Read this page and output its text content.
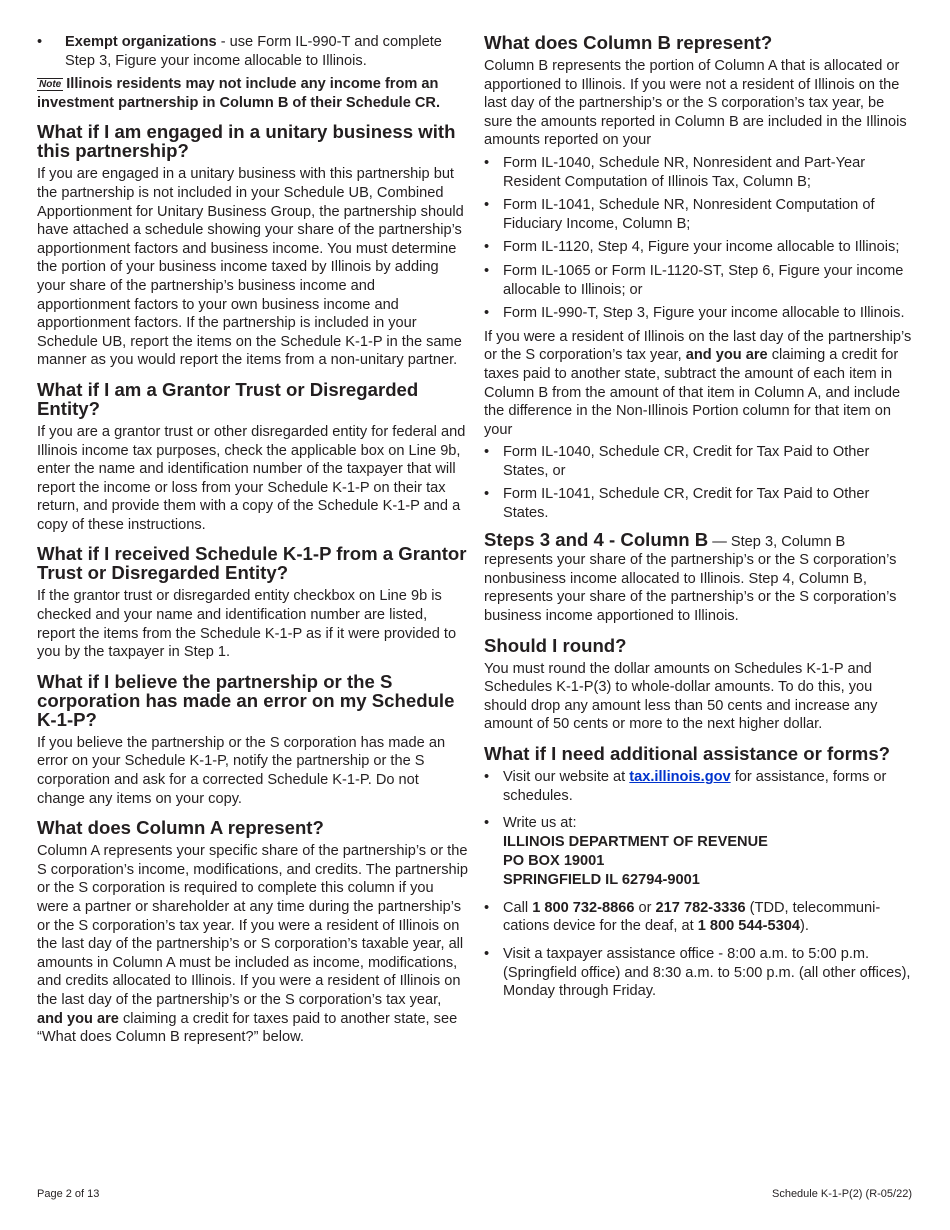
• Exempt organizations - use Form IL-990-T and complete Step 3, Figure your income allocable to Illinois.

Note Illinois residents may not include any income from an investment partnership in Column B of their Schedule CR.

What if I am engaged in a unitary business with this partnership?

If you are engaged in a unitary business with this partnership but the partnership is not included in your Schedule UB, Combined Apportionment for Unitary Business Group, the partnership should have attached a schedule showing your share of the partnership’s apportionment factors and business income. You must determine the portion of your business income taxed by Illinois by adding your share of the partnership’s business income and apportionment factors to your own business income and apportionment factors. If the partnership is included in your Schedule UB, report the items on the Schedule K-1-P in the same manner as you would report the items from a non-unitary partner.

What if I am a Grantor Trust or Disregarded Entity?

If you are a grantor trust or other disregarded entity for federal and Illinois income tax purposes, check the applicable box on Line 9b, enter the name and identification number of the taxpayer that will report the income or loss from your Schedule K-1-P on their tax return, and provide them with a copy of the Schedule K-1-P and a copy of these instructions.

What if I received Schedule K-1-P from a Grantor Trust or Disregarded Entity?

If the grantor trust or disregarded entity checkbox on Line 9b is checked and your name and identification number are listed, report the items from the Schedule K-1-P as if it were provided to you by the taxpayer in Step 1.

What if I believe the partnership or the S corporation has made an error on my Schedule K-1-P?

If you believe the partnership or the S corporation has made an error on your Schedule K-1-P, notify the partnership or the S corporation and ask for a corrected Schedule K-1-P. Do not change any items on your copy.

What does Column A represent?

Column A represents your specific share of the partnership’s or the S corporation’s income, modifications, and credits. The partnership or the S corporation is required to complete this column if you were a partner or shareholder at any time during the partnership’s or the S corporation’s tax year. If you were a resident of Illinois on the last day of the partnership’s or S corporation’s taxable year, all amounts in Column A must be included as income, modifications, and credits allocated to Illinois. If you were a resident of Illinois on the last day of the partnership’s or the S corporation’s tax year, and you are claiming a credit for taxes paid to another state, see “What does Column B represent?” below.

What does Column B represent?

Column B represents the portion of Column A that is allocated or apportioned to Illinois. If you were not a resident of Illinois on the last day of the partnership’s or the S corporation’s tax year, be sure the amounts reported in Column B are included in the Illinois amounts reported on your

• Form IL-1040, Schedule NR, Nonresident and Part-Year Resident Computation of Illinois Tax, Column B;
• Form IL-1041, Schedule NR, Nonresident Computation of Fiduciary Income, Column B;
• Form IL-1120, Step 4, Figure your income allocable to Illinois;
• Form IL-1065 or Form IL-1120-ST, Step 6, Figure your income allocable to Illinois; or
• Form IL-990-T, Step 3, Figure your income allocable to Illinois.

If you were a resident of Illinois on the last day of the partnership’s or the S corporation’s tax year, and you are claiming a credit for taxes paid to another state, subtract the amount of each item in Column B from the amount of that item in Column A, and include the difference in the Non-Illinois Portion column for that item on your

• Form IL-1040, Schedule CR, Credit for Tax Paid to Other States, or
• Form IL-1041, Schedule CR, Credit for Tax Paid to Other States.

Steps 3 and 4 - Column B — Step 3, Column B represents your share of the partnership’s or the S corporation’s nonbusiness income allocated to Illinois. Step 4, Column B, represents your share of the partnership’s or the S corporation’s business income apportioned to Illinois.

Should I round?

You must round the dollar amounts on Schedules K-1-P and Schedules K-1-P(3) to whole-dollar amounts. To do this, you should drop any amount less than 50 cents and increase any amount of 50 cents or more to the next higher dollar.

What if I need additional assistance or forms?
• Visit our website at tax.illinois.gov for assistance, forms or schedules.
• Write us at:
ILLINOIS DEPARTMENT OF REVENUE
PO BOX 19001
SPRINGFIELD IL 62794-9001
• Call 1 800 732-8866 or 217 782-3336 (TDD, telecommunications device for the deaf, at 1 800 544-5304).
• Visit a taxpayer assistance office - 8:00 a.m. to 5:00 p.m. (Springfield office) and 8:30 a.m. to 5:00 p.m. (all other offices), Monday through Friday.
Page 2 of 13	Schedule K-1-P(2) (R-05/22)
